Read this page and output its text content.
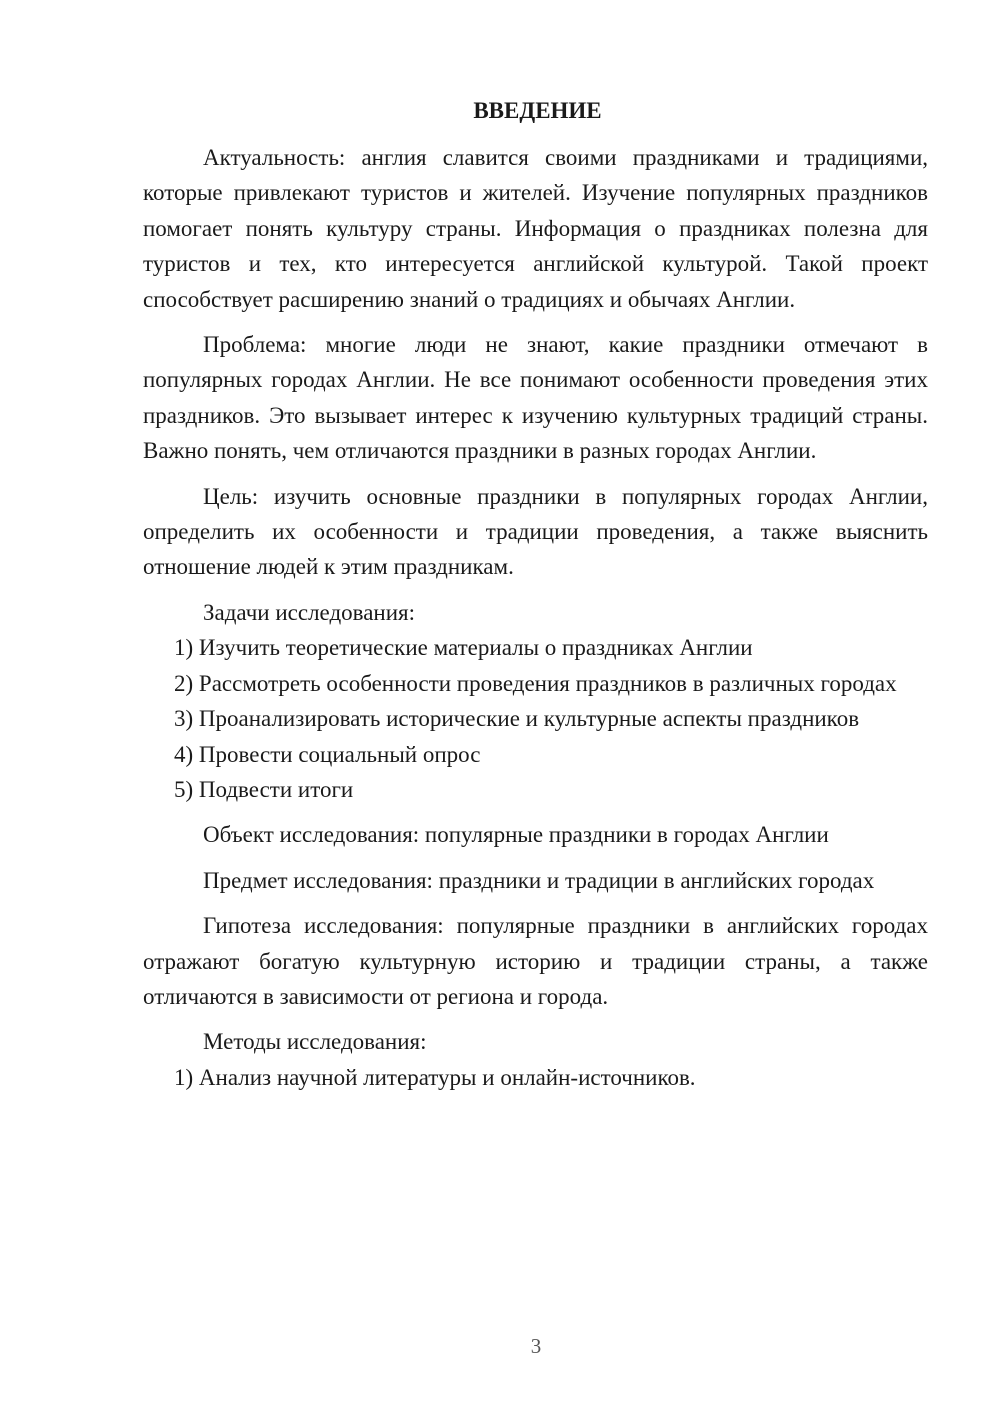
ВВЕДЕНИЕ

Актуальность: англия славится своими праздниками и традициями, которые привлекают туристов и жителей. Изучение популярных праздников помогает понять культуру страны. Информация о праздниках полезна для туристов и тех, кто интересуется английской культурой. Такой проект способствует расширению знаний о традициях и обычаях Англии.

Проблема: многие люди не знают, какие праздники отмечают в популярных городах Англии. Не все понимают особенности проведения этих праздников. Это вызывает интерес к изучению культурных традиций страны. Важно понять, чем отличаются праздники в разных городах Англии.

Цель: изучить основные праздники в популярных городах Англии, определить их особенности и традиции проведения, а также выяснить отношение людей к этим праздникам.

Задачи исследования:

1) Изучить теоретические материалы о праздниках Англии

2) Рассмотреть особенности проведения праздников в различных городах

3) Проанализировать исторические и культурные аспекты праздников

4) Провести социальный опрос

5) Подвести итоги

Объект исследования: популярные праздники в городах Англии

Предмет исследования: праздники и традиции в английских городах

Гипотеза исследования: популярные праздники в английских городах отражают богатую культурную историю и традиции страны, а также отличаются в зависимости от региона и города.

Методы исследования:

1) Анализ научной литературы и онлайн-источников.

3
